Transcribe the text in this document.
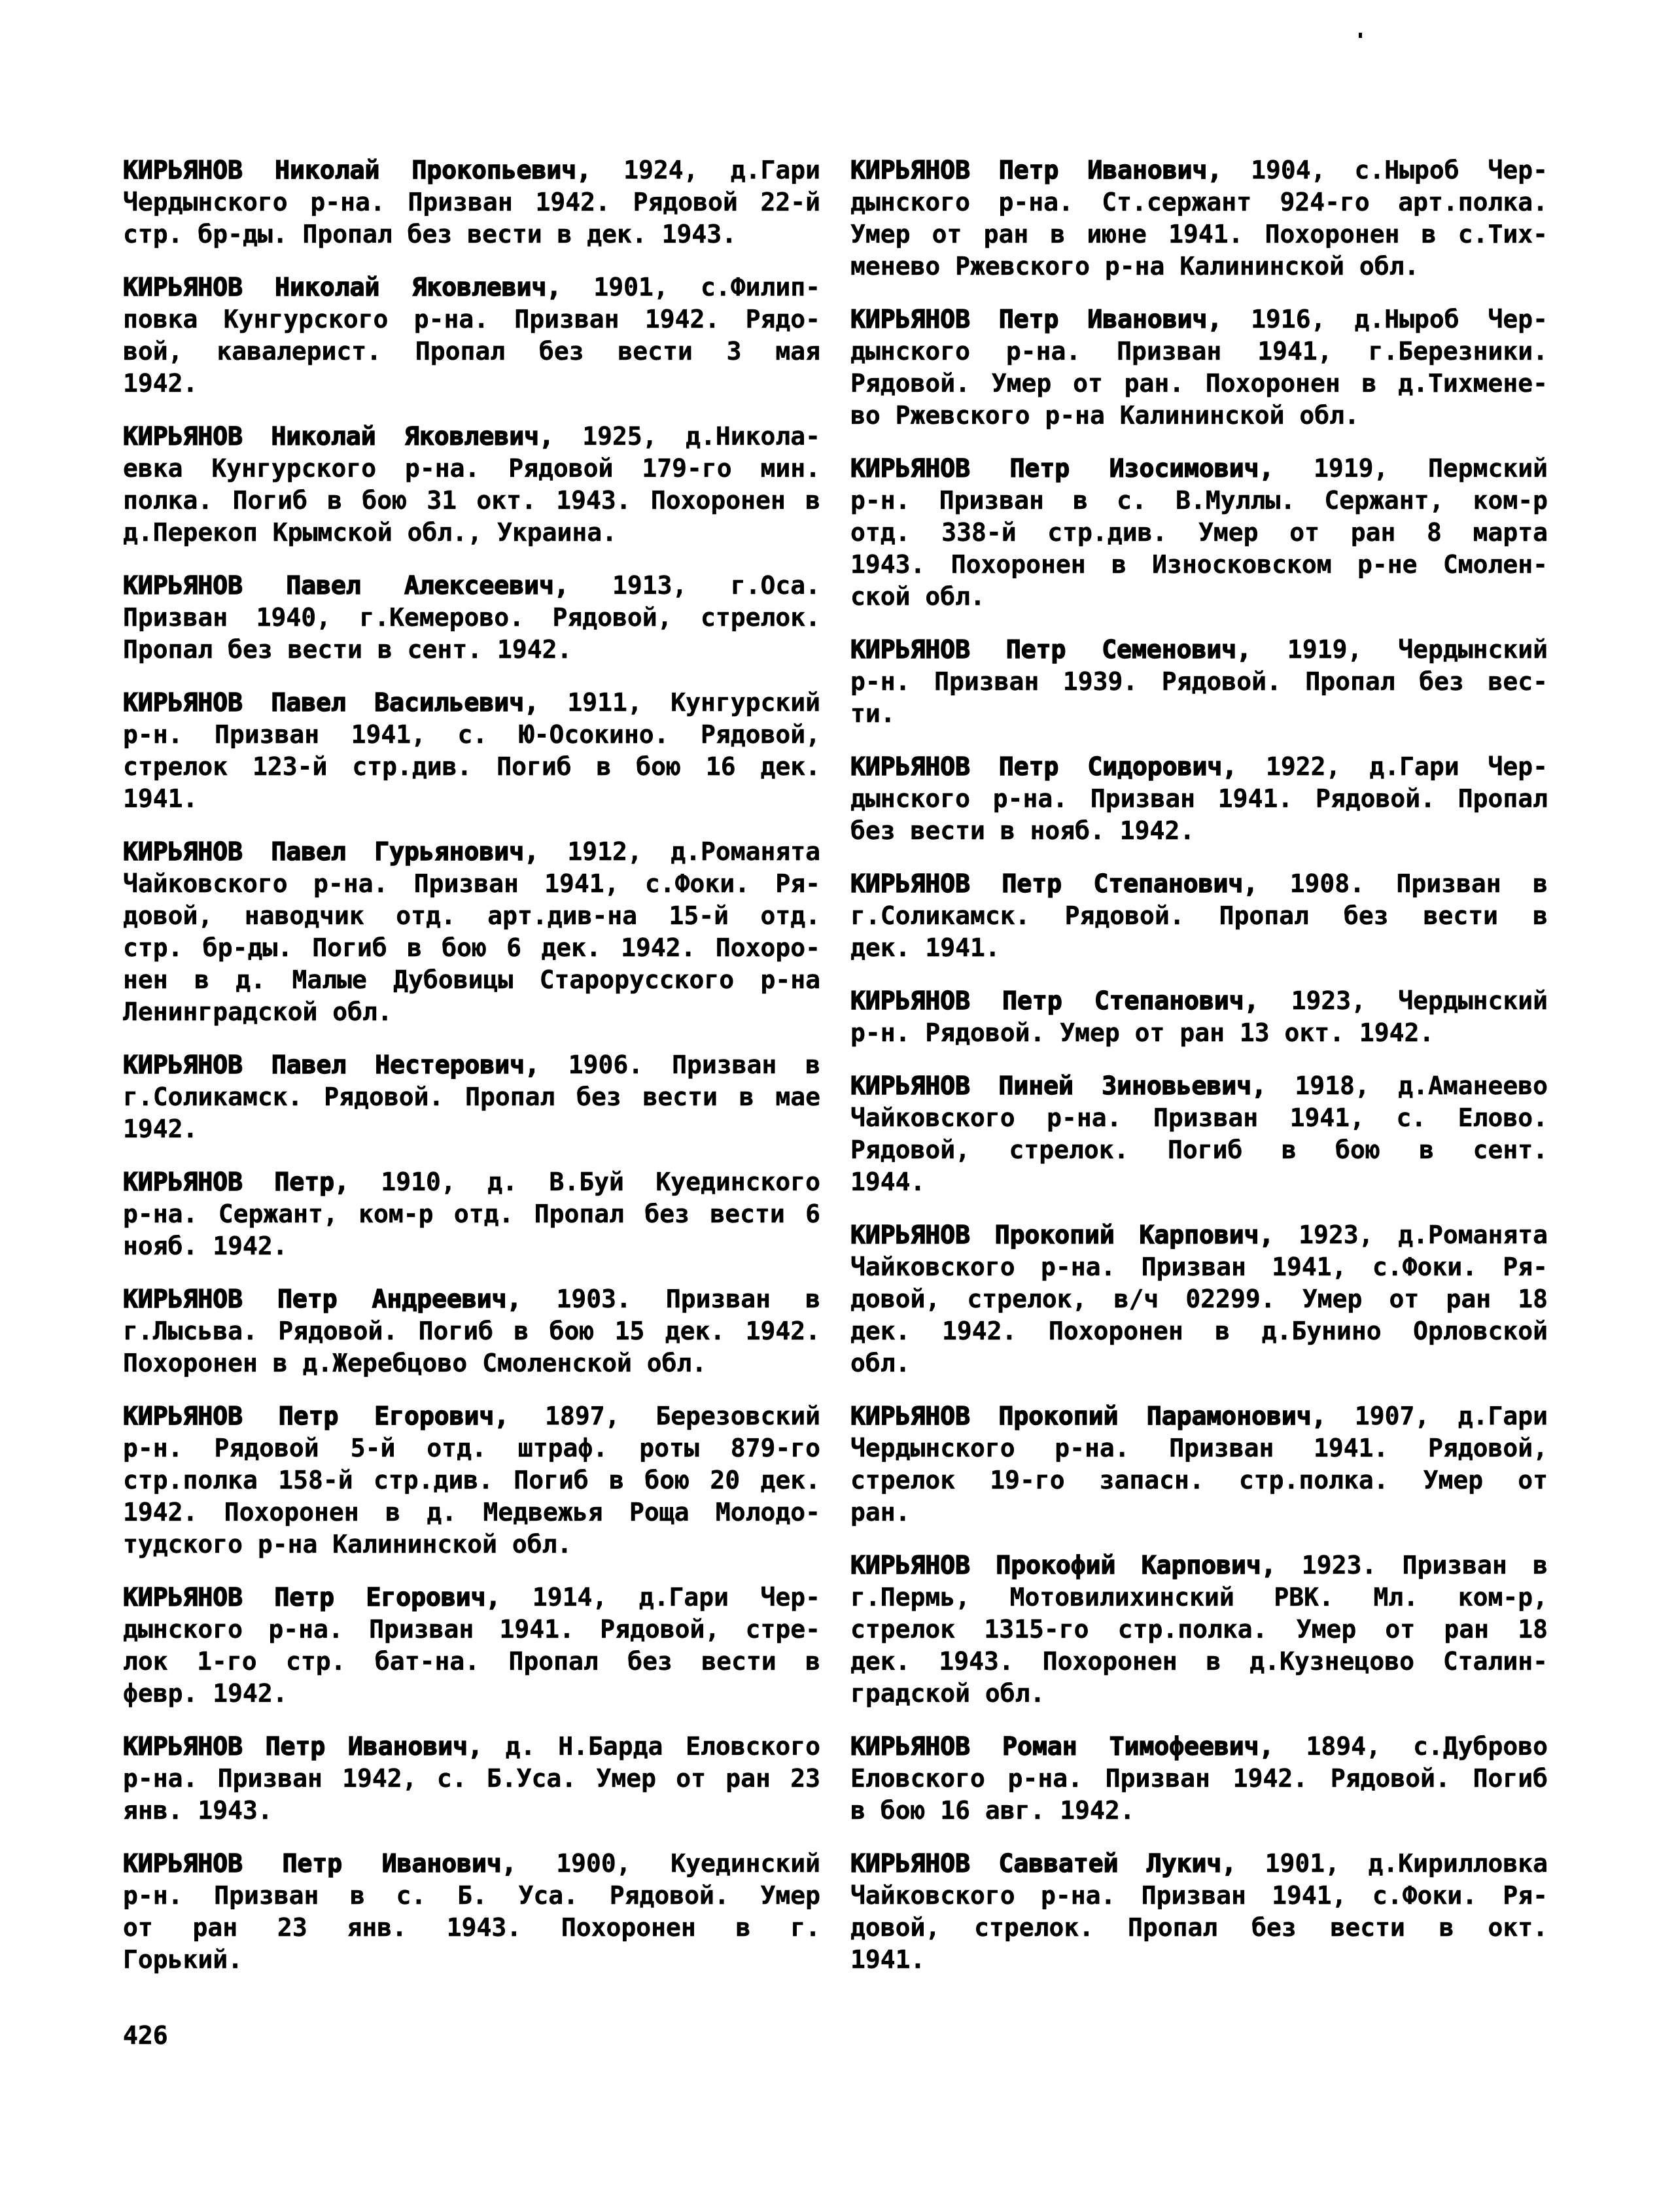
КИРЬЯНОВ Николай Прокопьевич, 1924, д.Гари
Чердынского р-на. Призван 1942. Рядовой 22-й
стр. бр-ды. Пропал без вести в дек. 1943.
КИРЬЯНОВ Николай Яковлевич, 1901, с.Филип-
повка Кунгурского р-на. Призван 1942. Рядо-
вой, кавалерист. Пропал без вести 3 мая
1942.
КИРЬЯНОВ Николай Яковлевич, 1925, д.Никола-
евка Кунгурского р-на. Рядовой 179-го мин.
полка. Погиб в бою 31 окт. 1943. Похоронен в
д.Перекоп Крымской обл., Украина.
КИРЬЯНОВ Павел Алексеевич, 1913, г.Оса.
Призван 1940, г.Кемерово. Рядовой, стрелок.
Пропал без вести в сент. 1942.
КИРЬЯНОВ Павел Васильевич, 1911, Кунгурский
р-н. Призван 1941, с. Ю-Осокино. Рядовой,
стрелок 123-й стр.див. Погиб в бою 16 дек.
1941.
КИРЬЯНОВ Павел Гурьянович, 1912, д.Романята
Чайковского р-на. Призван 1941, с.Фоки. Ря-
довой, наводчик отд. арт.див-на 15-й отд.
стр. бр-ды. Погиб в бою 6 дек. 1942. Похоро-
нен в д. Малые Дубовицы Старорусского р-на
Ленинградской обл.
КИРЬЯНОВ Павел Нестерович, 1906. Призван в
г.Соликамск. Рядовой. Пропал без вести в мае
1942.
КИРЬЯНОВ Петр, 1910, д. В.Буй Куединского
р-на. Сержант, ком-р отд. Пропал без вести 6
нояб. 1942.
КИРЬЯНОВ Петр Андреевич, 1903. Призван в
г.Лысьва. Рядовой. Погиб в бою 15 дек. 1942.
Похоронен в д.Жеребцово Смоленской обл.
КИРЬЯНОВ Петр Егорович, 1897, Березовский
р-н. Рядовой 5-й отд. штраф. роты 879-го
стр.полка 158-й стр.див. Погиб в бою 20 дек.
1942. Похоронен в д. Медвежья Роща Молодо-
тудского р-на Калининской обл.
КИРЬЯНОВ Петр Егорович, 1914, д.Гари Чер-
дынского р-на. Призван 1941. Рядовой, стре-
лок 1-го стр. бат-на. Пропал без вести в
февр. 1942.
КИРЬЯНОВ Петр Иванович, д. Н.Барда Еловского
р-на. Призван 1942, с. Б.Уса. Умер от ран 23
янв. 1943.
КИРЬЯНОВ Петр Иванович, 1900, Куединский
р-н. Призван в с. Б. Уса. Рядовой. Умер
от ран 23 янв. 1943. Похоронен в г.
Горький.
КИРЬЯНОВ Петр Иванович, 1904, с.Ныроб Чер-
дынского р-на. Ст.сержант 924-го арт.полка.
Умер от ран в июне 1941. Похоронен в с.Тих-
менево Ржевского р-на Калининской обл.
КИРЬЯНОВ Петр Иванович, 1916, д.Ныроб Чер-
дынского р-на. Призван 1941, г.Березники.
Рядовой. Умер от ран. Похоронен в д.Тихмене-
во Ржевского р-на Калининской обл.
КИРЬЯНОВ Петр Изосимович, 1919, Пермский
р-н. Призван в с. В.Муллы. Сержант, ком-р
отд. 338-й стр.див. Умер от ран 8 марта
1943. Похоронен в Износковском р-не Смолен-
ской обл.
КИРЬЯНОВ Петр Семенович, 1919, Чердынский
р-н. Призван 1939. Рядовой. Пропал без вес-
ти.
КИРЬЯНОВ Петр Сидорович, 1922, д.Гари Чер-
дынского р-на. Призван 1941. Рядовой. Пропал
без вести в нояб. 1942.
КИРЬЯНОВ Петр Степанович, 1908. Призван в
г.Соликамск. Рядовой. Пропал без вести в
дек. 1941.
КИРЬЯНОВ Петр Степанович, 1923, Чердынский
р-н. Рядовой. Умер от ран 13 окт. 1942.
КИРЬЯНОВ Пиней Зиновьевич, 1918, д.Аманеево
Чайковского р-на. Призван 1941, с. Елово.
Рядовой, стрелок. Погиб в бою в сент.
1944.
КИРЬЯНОВ Прокопий Карпович, 1923, д.Романята
Чайковского р-на. Призван 1941, с.Фоки. Ря-
довой, стрелок, в/ч 02299. Умер от ран 18
дек. 1942. Похоронен в д.Бунино Орловской
обл.
КИРЬЯНОВ Прокопий Парамонович, 1907, д.Гари
Чердынского р-на. Призван 1941. Рядовой,
стрелок 19-го запасн. стр.полка. Умер от
ран.
КИРЬЯНОВ Прокофий Карпович, 1923. Призван в
г.Пермь, Мотовилихинский РВК. Мл. ком-р,
стрелок 1315-го стр.полка. Умер от ран 18
дек. 1943. Похоронен в д.Кузнецово Сталин-
градской обл.
КИРЬЯНОВ Роман Тимофеевич, 1894, с.Дуброво
Еловского р-на. Призван 1942. Рядовой. Погиб
в бою 16 авг. 1942.
КИРЬЯНОВ Савватей Лукич, 1901, д.Кирилловка
Чайковского р-на. Призван 1941, с.Фоки. Ря-
довой, стрелок. Пропал без вести в окт.
1941.
426
